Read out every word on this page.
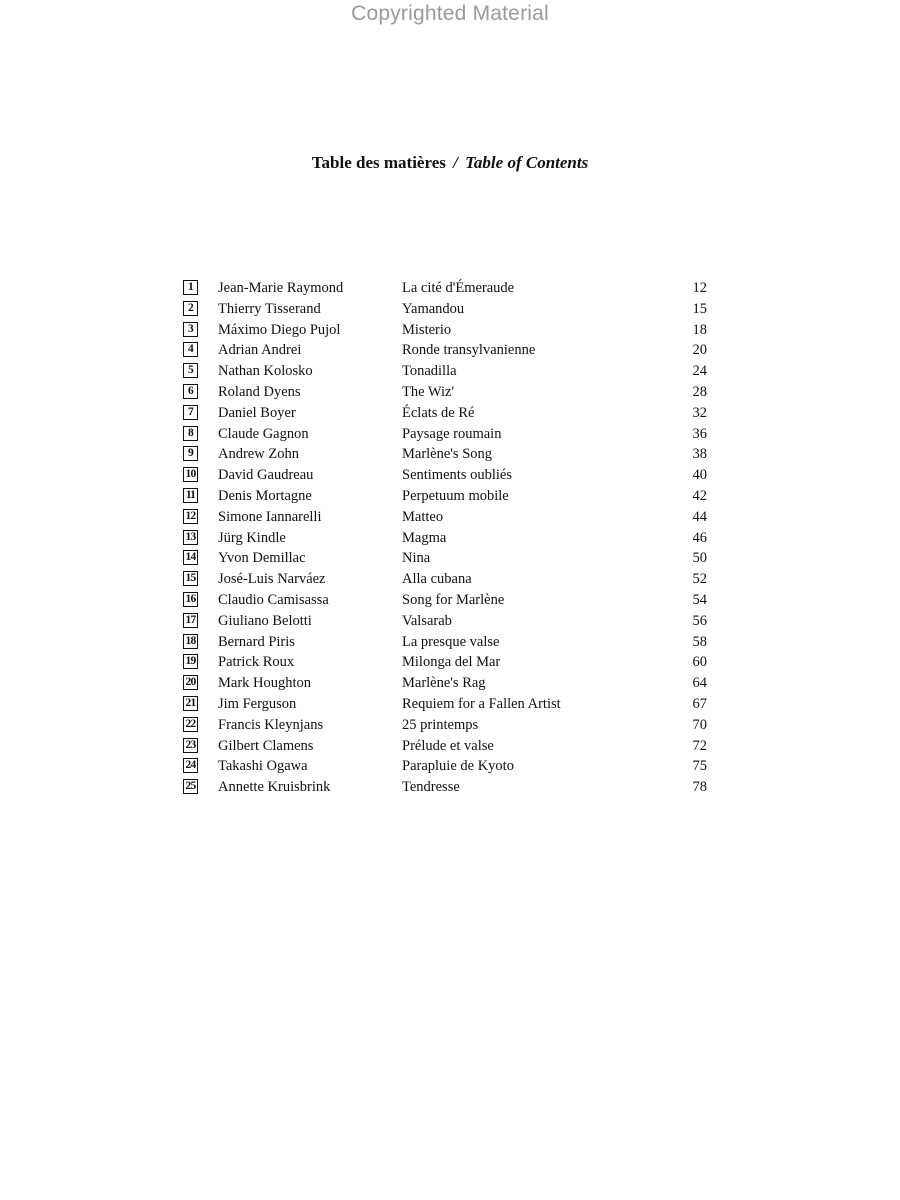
Copyrighted Material
Table des matières / Table of Contents
1	Jean-Marie Raymond	La cité d'Émeraude	12
2	Thierry Tisserand	Yamandou	15
3	Máximo Diego Pujol	Misterio	18
4	Adrian Andrei	Ronde transylvanienne	20
5	Nathan Kolosko	Tonadilla	24
6	Roland Dyens	The Wiz'	28
7	Daniel Boyer	Éclats de Ré	32
8	Claude Gagnon	Paysage roumain	36
9	Andrew Zohn	Marlène's Song	38
10 David Gaudreau	Sentiments oubliés	40
11 Denis Mortagne	Perpetuum mobile	42
12 Simone Iannarelli	Matteo	44
13 Jürg Kindle	Magma	46
14 Yvon Demillac	Nina	50
15 José-Luis Narváez	Alla cubana	52
16 Claudio Camisassa	Song for Marlène	54
17 Giuliano Belotti	Valsarab	56
18 Bernard Piris	La presque valse	58
19 Patrick Roux	Milonga del Mar	60
20 Mark Houghton	Marlène's Rag	64
21 Jim Ferguson	Requiem for a Fallen Artist	67
22 Francis Kleynjans	25 printemps	70
23 Gilbert Clamens	Prélude et valse	72
24 Takashi Ogawa	Parapluie de Kyoto	75
25 Annette Kruisbrink	Tendresse	78
